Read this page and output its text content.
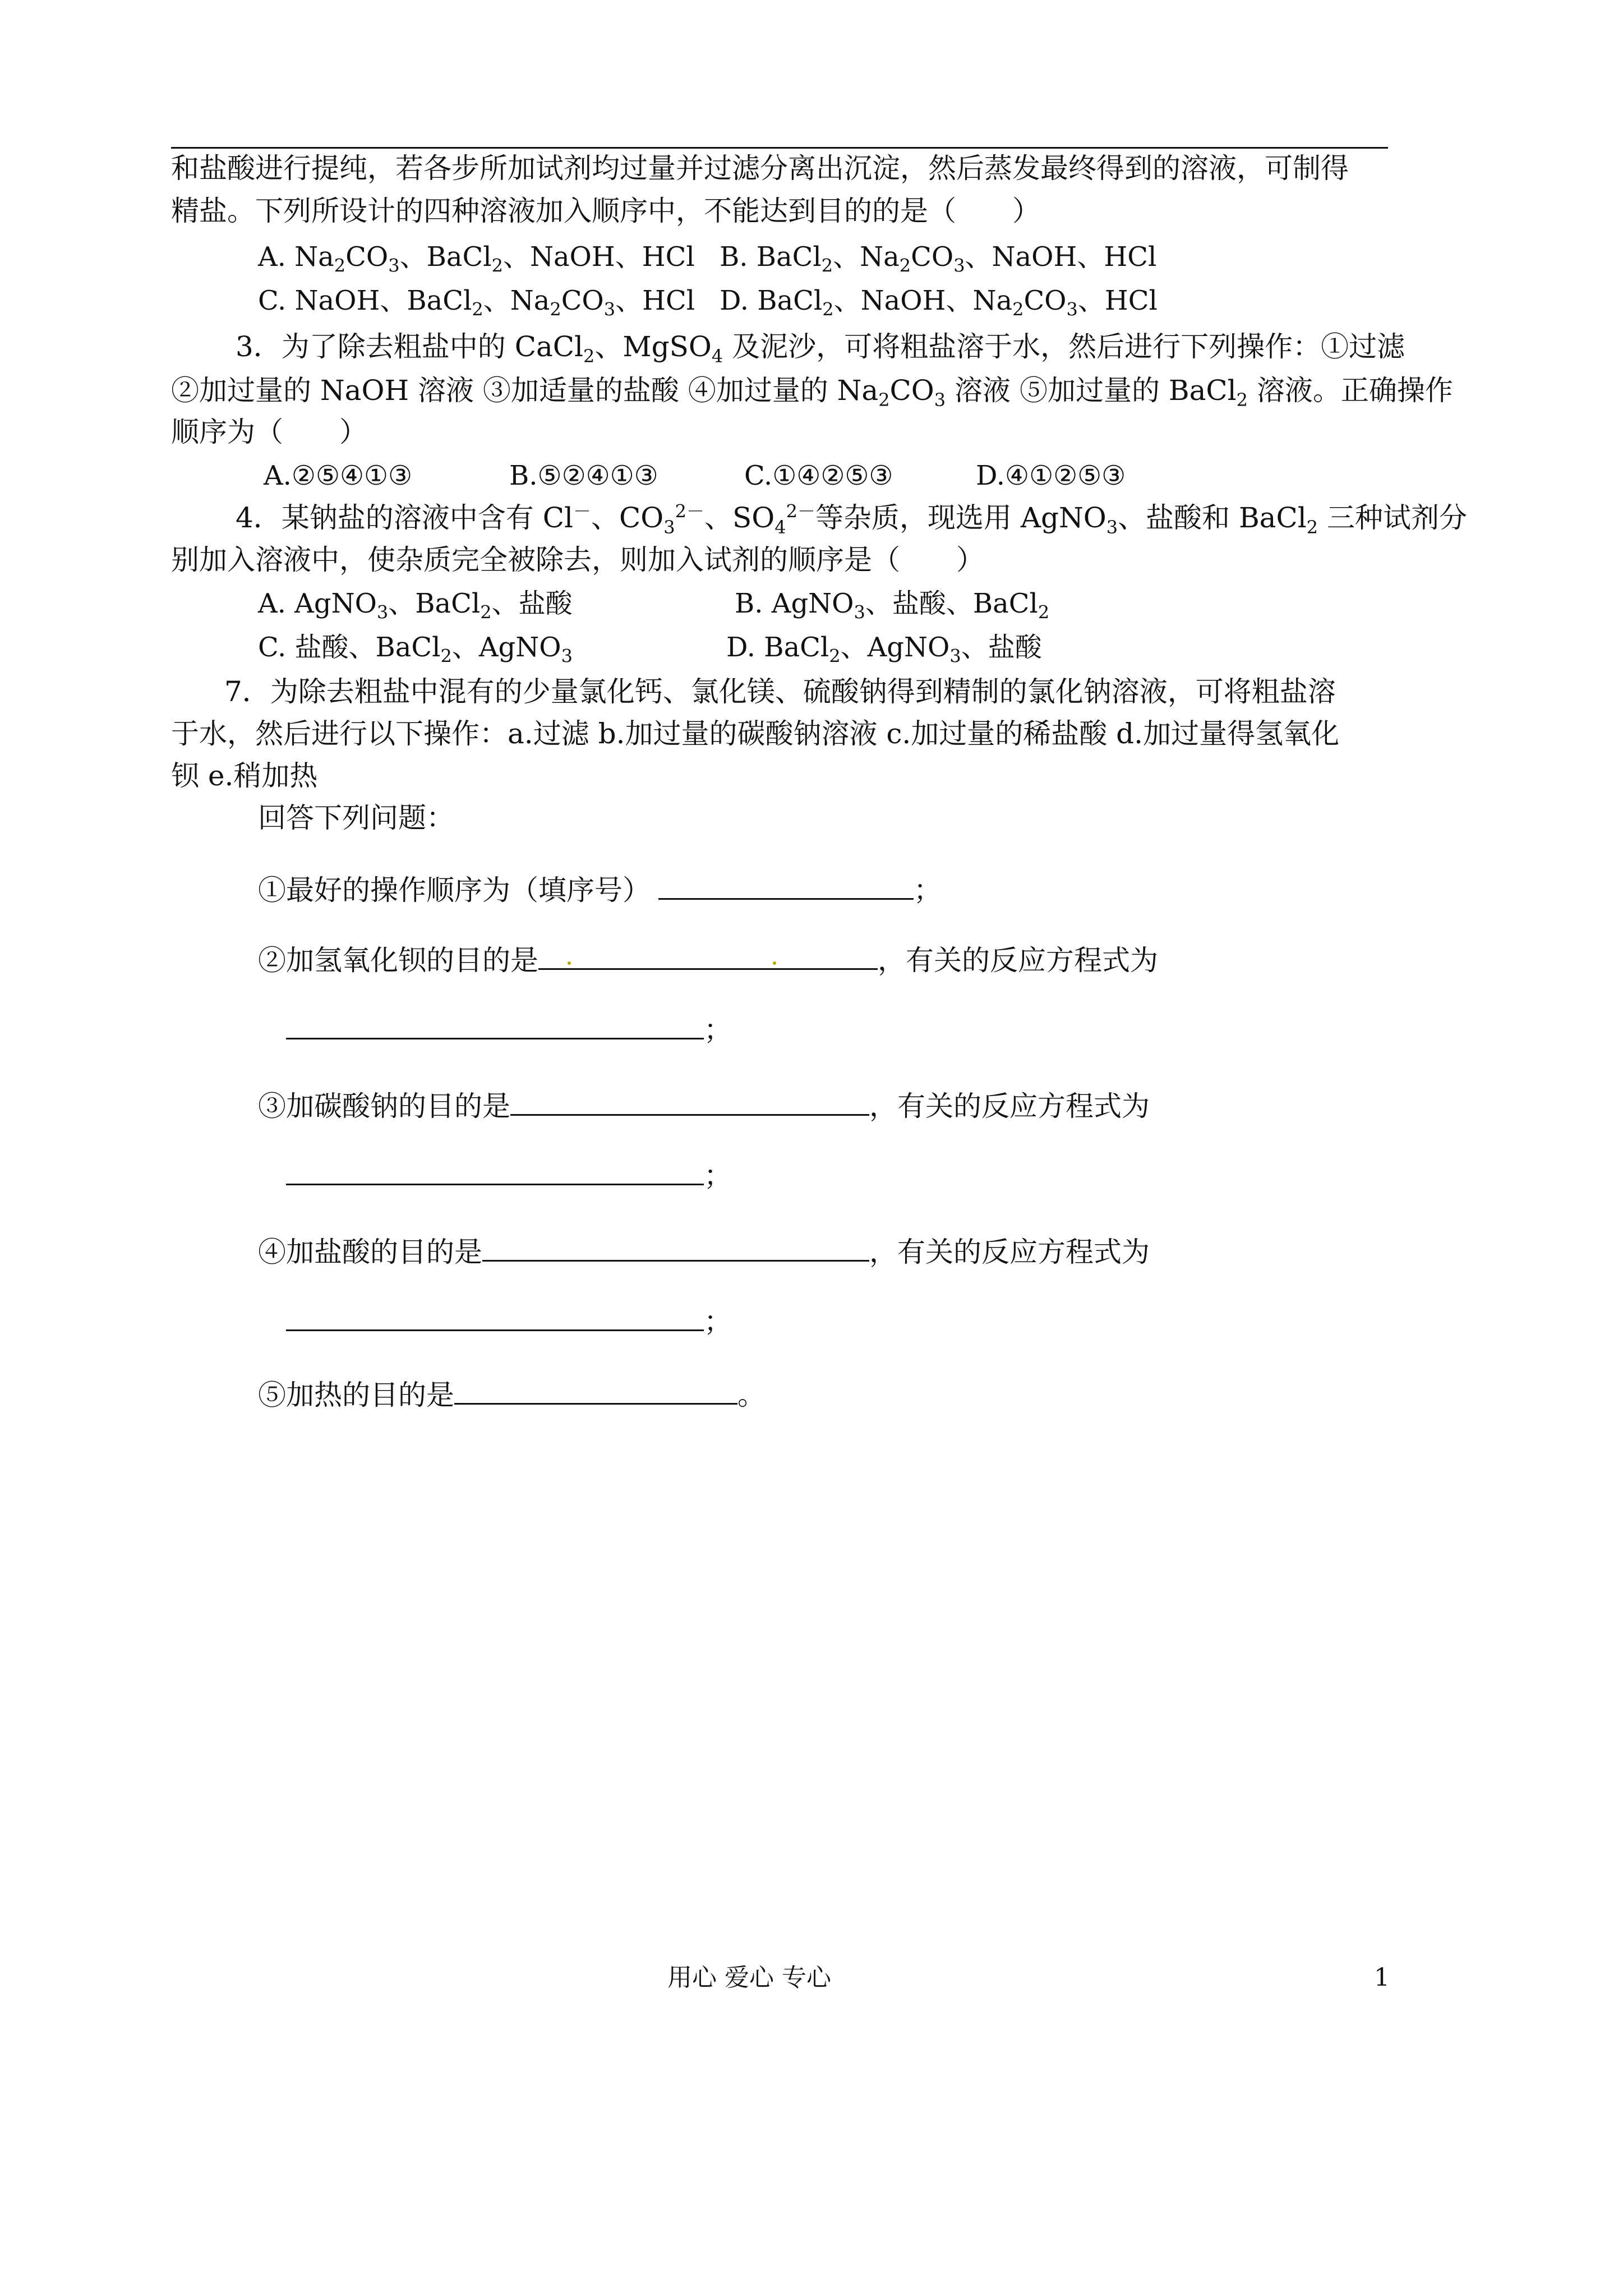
和盐酸进行提纯，若各步所加试剂均过量并过滤分离出沉淀，然后蒸发最终得到的溶液，可制得
精盐。下列所设计的四种溶液加入顺序中，不能达到目的的是（　　）
A. $Na_2CO_3$、BaCl$_2$、NaOH、HCl B. BaCl$_2$、$Na_2CO_3$、NaOH、HCl
C. NaOH、BaCl$_2$、$Na_2CO_3$、HCl D. BaCl$_2$、NaOH、$Na_2CO_3$、HCl
3．为了除去粗盐中的 CaCl$_2$、MgSO$_4$ 及泥沙，可将粗盐溶于水，然后进行下列操作：①过滤
②加过量的 NaOH 溶液 ③加适量的盐酸 ④加过量的 $Na_2CO_3$ 溶液 ⑤加过量的 BaCl$_2$ 溶液。正确操作
顺序为（　　）
A.②⑤④①③	B.⑤②④①③	C.①④②⑤③	D.④①②⑤③
4．某钠盐的溶液中含有 Cl－、$CO_3^{2-}$、$SO_4^{2-}$等杂质，现选用 AgNO$_3$、盐酸和 BaCl$_2$ 三种试剂分
别加入溶液中，使杂质完全被除去，则加入试剂的顺序是（　　）
A. AgNO$_3$、BaCl$_2$、盐酸	B. AgNO$_3$、盐酸、BaCl$_2$
C. 盐酸、BaCl$_2$、AgNO$_3$	D. BaCl$_2$、AgNO$_3$、盐酸
7．为除去粗盐中混有的少量氯化钙、氯化镁、硫酸钠得到精制的氯化钠溶液，可将粗盐溶
于水，然后进行以下操作：a.过滤 b.加过量的碳酸钠溶液 c.加过量的稀盐酸 d.加过量得氢氧化
钡 e.稍加热
回答下列问题：
①最好的操作顺序为（填序号）	；
②加氢氧化钡的目的是	，有关的反应方程式为
；
③加碳酸钠的目的是	，有关的反应方程式为
；
④加盐酸的目的是	，有关的反应方程式为
；
⑤加热的目的是	。
用心 爱心 专心	1
